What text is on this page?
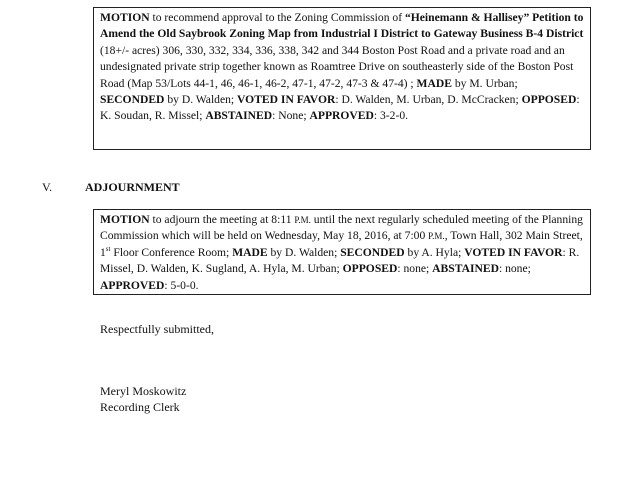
MOTION to recommend approval to the Zoning Commission of “Heinemann & Hallisey” Petition to Amend the Old Saybrook Zoning Map from Industrial I District to Gateway Business B-4 District (18+/- acres) 306, 330, 332, 334, 336, 338, 342 and 344 Boston Post Road and a private road and an undesignated private strip together known as Roamtree Drive on southeasterly side of the Boston Post Road (Map 53/Lots 44-1, 46, 46-1, 46-2, 47-1, 47-2, 47-3 & 47-4) ; MADE by M. Urban; SECONDED by D. Walden; VOTED IN FAVOR: D. Walden, M. Urban, D. McCracken; OPPOSED: K. Soudan, R. Missel; ABSTAINED: None; APPROVED: 3-2-0.
V.	ADJOURNMENT
MOTION to adjourn the meeting at 8:11 P.M. until the next regularly scheduled meeting of the Planning Commission which will be held on Wednesday, May 18, 2016, at 7:00 P.M., Town Hall, 302 Main Street, 1st Floor Conference Room; MADE by D. Walden; SECONDED by A. Hyla; VOTED IN FAVOR: R. Missel, D. Walden, K. Sugland, A. Hyla, M. Urban; OPPOSED: none; ABSTAINED: none; APPROVED: 5-0-0.
Respectfully submitted,
Meryl Moskowitz
Recording Clerk
